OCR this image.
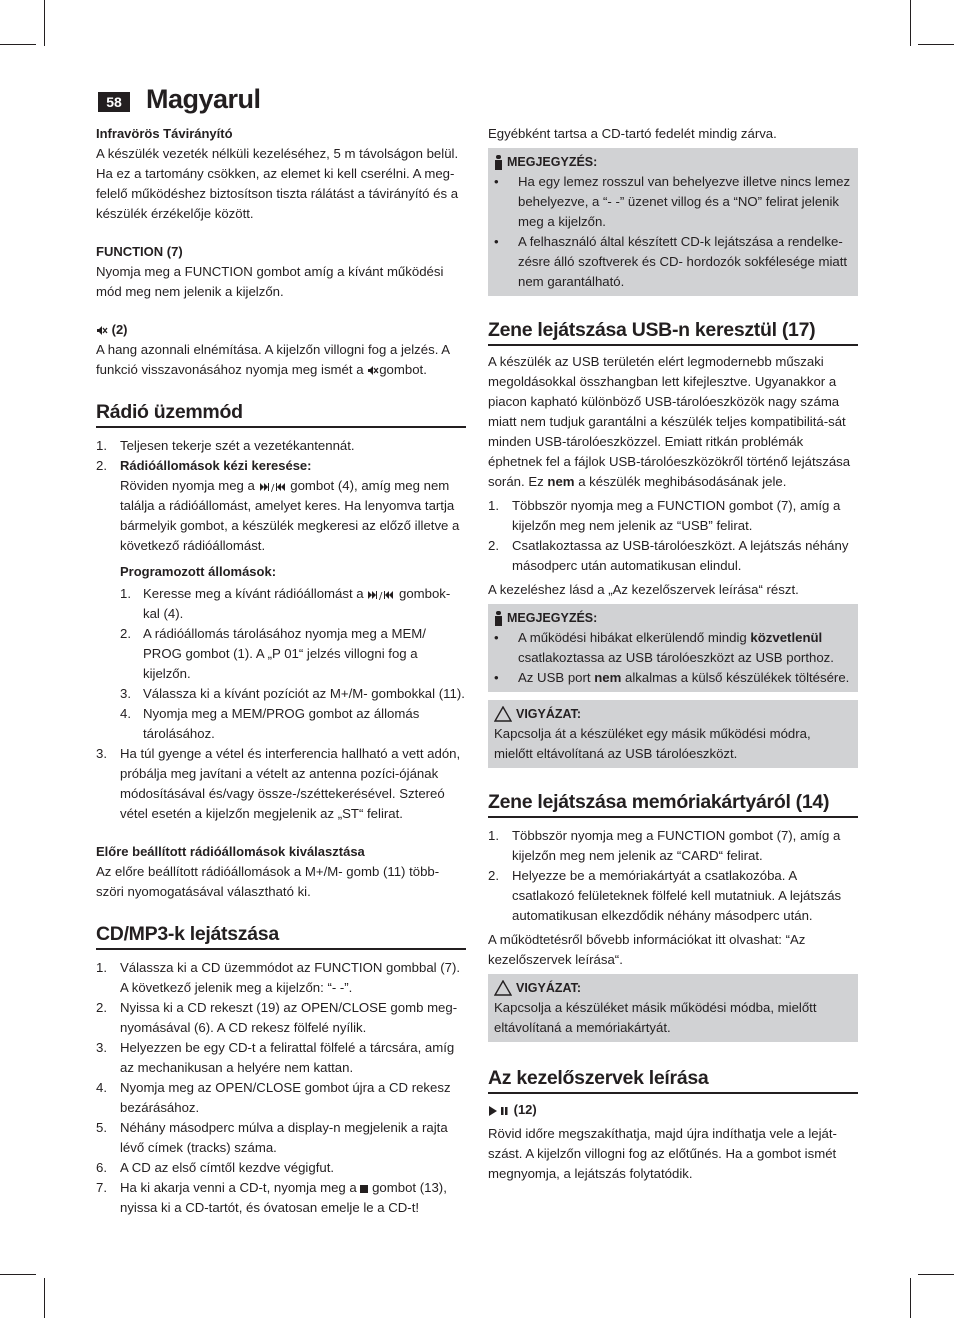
58 Magyarul

Infravörös Távirányító

A készülék vezeték nélküli kezeléséhez, 5 m távolságon belül. Ha ez a tartomány csökken, az elemet ki kell cserélni. A meg-felelő működéshez biztosítson tiszta rálátást a távirányító és a készülék érzékelője között.

FUNCTION (7)

Nyomja meg a FUNCTION gombot amíg a kívánt működési mód meg nem jelenik a kijelzőn.

(2)

A hang azonnali elnémítása. A kijelzőn villogni fog a jelzés. A funkció visszavonásához nyomja meg ismét a gombot.

Rádió üzemmód
1. Teljesen tekerje szét a vezetékantennát.
2. Rádióállomások kézi keresése:
Röviden nyomja meg a / gombot (4), amíg meg nem találja a rádióállomást, amelyet keres. Ha lenyomva tartja bármelyik gombot, a készülék megkeresi az előző illetve a következő rádióállomást.

Programozott állomások:

1. Keresse meg a kívánt rádióállomást a / gombok-kal (4).
2. A rádióállomás tárolásához nyomja meg a MEM/ PROG gombot (1). A „P 01“ jelzés villogni fog a kijelzőn.
3. Válassza ki a kívánt pozíciót az M+/M- gombokkal (11).
4. Nyomja meg a MEM/PROG gombot az állomás tárolásához.
3. Ha túl gyenge a vétel és interferencia hallható a vett adón, próbálja meg javítani a vételt az antenna pozíci-ójának módosításával és/vagy össze-/széttekerésével. Sztereó vétel esetén a kijelzőn megjelenik az „ST“ felirat.

Előre beállított rádióállomások kiválasztása

Az előre beállított rádióállomások a M+/M- gomb (11) több-szöri nyomogatásával választható ki.

CD/MP3-k lejátszása
1. Válassza ki a CD üzemmódot az FUNCTION gombbal (7). A következő jelenik meg a kijelzőn: “- -”.
2. Nyissa ki a CD rekeszt (19) az OPEN/CLOSE gomb meg-nyomásával (6). A CD rekesz fölfelé nyílik.
3. Helyezzen be egy CD-t a felirattal fölfelé a tárcsára, amíg az mechanikusan a helyére nem kattan.
4. Nyomja meg az OPEN/CLOSE gombot újra a CD rekesz bezárásához.
5. Néhány másodperc múlva a display-n megjelenik a rajta lévő címek (tracks) száma.
6. A CD az első címtől kezdve végigfut.
7. Ha ki akarja venni a CD-t, nyomja meg a gombot (13), nyissa ki a CD-tartót, és óvatosan emelje le a CD-t!

Egyébként tartsa a CD-tartó fedelét mindig zárva.

MEGJEGYZÉS:
• Ha egy lemez rosszul van behelyezve illetve nincs lemez behelyezve, a “- -” üzenet villog és a “NO” felirat jelenik meg a kijelzőn.
• A felhasználó által készített CD-k lejátszása a rendelke-zésre álló szoftverek és CD- hordozók sokfélesége miatt nem garantálható.
Zene lejátszása USB-n keresztül (17)

A készülék az USB területén elért legmodernebb műszaki megoldásokkal összhangban lett kifejlesztve. Ugyanakkor a piacon kapható különböző USB-tárolóeszközök nagy száma miatt nem tudjuk garantálni a készülék teljes kompatibilitá-sát minden USB-tárolóeszközzel. Emiatt ritkán problémák éphetnek fel a fájlok USB-tárolóeszközökről történő lejátszása során. Ez nem a készülék meghibásodásának jele.

1. Többször nyomja meg a FUNCTION gombot (7), amíg a kijelzőn meg nem jelenik az “USB” felirat.
2. Csatlakoztassa az USB-tárolóeszközt. A lejátszás néhány másodperc után automatikusan elindul.

A kezeléshez lásd a „Az kezelőszervek leírása“ részt.

MEGJEGYZÉS:
• A működési hibákat elkerülendő mindig közvetlenül csatlakoztassa az USB tárolóeszközt az USB porthoz.
• Az USB port nem alkalmas a külső készülékek töltésére.
VIGYÁZAT:

Kapcsolja át a készüléket egy másik működési módra, mielőtt eltávolítaná az USB tárolóeszközt.

Zene lejátszása memóriakártyáról (14)
1. Többször nyomja meg a FUNCTION gombot (7), amíg a kijelzőn meg nem jelenik az “CARD“ felirat.
2. Helyezze be a memóriakártyát a csatlakozóba. A csatlakozó felületeknek fölfelé kell mutatniuk. A lejátszás automatikusan elkezdődik néhány másodperc után.

A működtetésről bővebb információkat itt olvashat: “Az kezelőszervek leírása“.

VIGYÁZAT:

Kapcsolja a készüléket másik működési módba, mielőtt eltávolítaná a memóriakártyát.

Az kezelőszervek leírása

(12)

Rövid időre megszakíthatja, majd újra indíthatja vele a leját-szást. A kijelzőn villogni fog az előtűnés. Ha a gombot ismét megnyomja, a lejátszás folytatódik.
